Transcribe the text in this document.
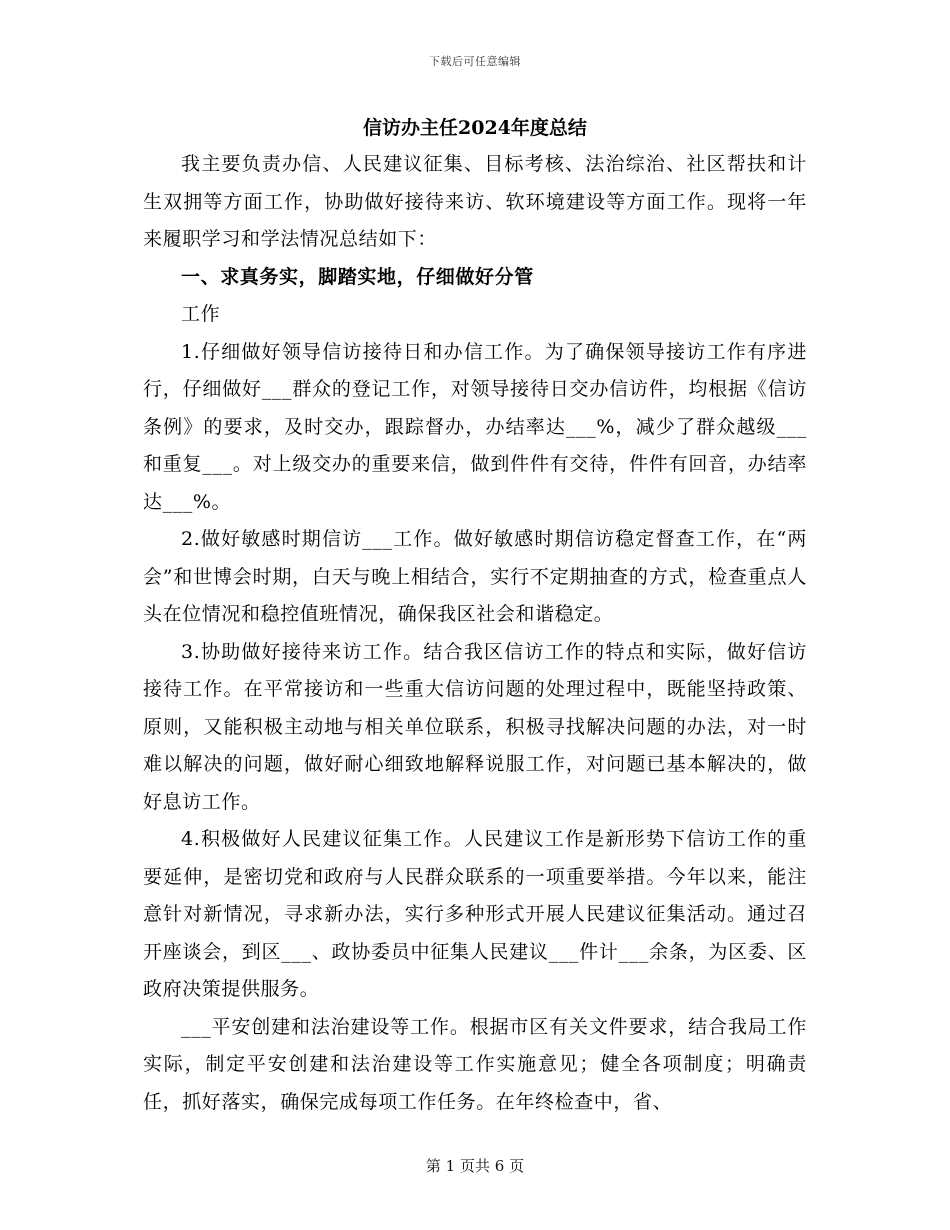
下载后可任意编辑
信访办主任2024年度总结

我主要负责办信、人民建议征集、目标考核、法治综治、社区帮扶和计生双拥等方面工作，协助做好接待来访、软环境建设等方面工作。现将一年来履职学习和学法情况总结如下：

一、求真务实，脚踏实地，仔细做好分管

工作

1.仔细做好领导信访接待日和办信工作。为了确保领导接访工作有序进行，仔细做好___群众的登记工作，对领导接待日交办信访件，均根据《信访条例》的要求，及时交办，跟踪督办，办结率达___%，减少了群众越级___和重复___。对上级交办的重要来信，做到件件有交待，件件有回音，办结率达___%。

2.做好敏感时期信访___工作。做好敏感时期信访稳定督查工作，在“两会”和世博会时期，白天与晚上相结合，实行不定期抽查的方式，检查重点人头在位情况和稳控值班情况，确保我区社会和谐稳定。

3.协助做好接待来访工作。结合我区信访工作的特点和实际，做好信访接待工作。在平常接访和一些重大信访问题的处理过程中，既能坚持政策、原则，又能积极主动地与相关单位联系，积极寻找解决问题的办法，对一时难以解决的问题，做好耐心细致地解释说服工作，对问题已基本解决的，做好息访工作。

4.积极做好人民建议征集工作。人民建议工作是新形势下信访工作的重要延伸，是密切党和政府与人民群众联系的一项重要举措。今年以来，能注意针对新情况，寻求新办法，实行多种形式开展人民建议征集活动。通过召开座谈会，到区___、政协委员中征集人民建议___件计___余条，为区委、区政府决策提供服务。

___平安创建和法治建设等工作。根据市区有关文件要求，结合我局工作实际，制定平安创建和法治建设等工作实施意见；健全各项制度；明确责任，抓好落实，确保完成每项工作任务。在年终检查中，省、

第 1 页共 6 页
